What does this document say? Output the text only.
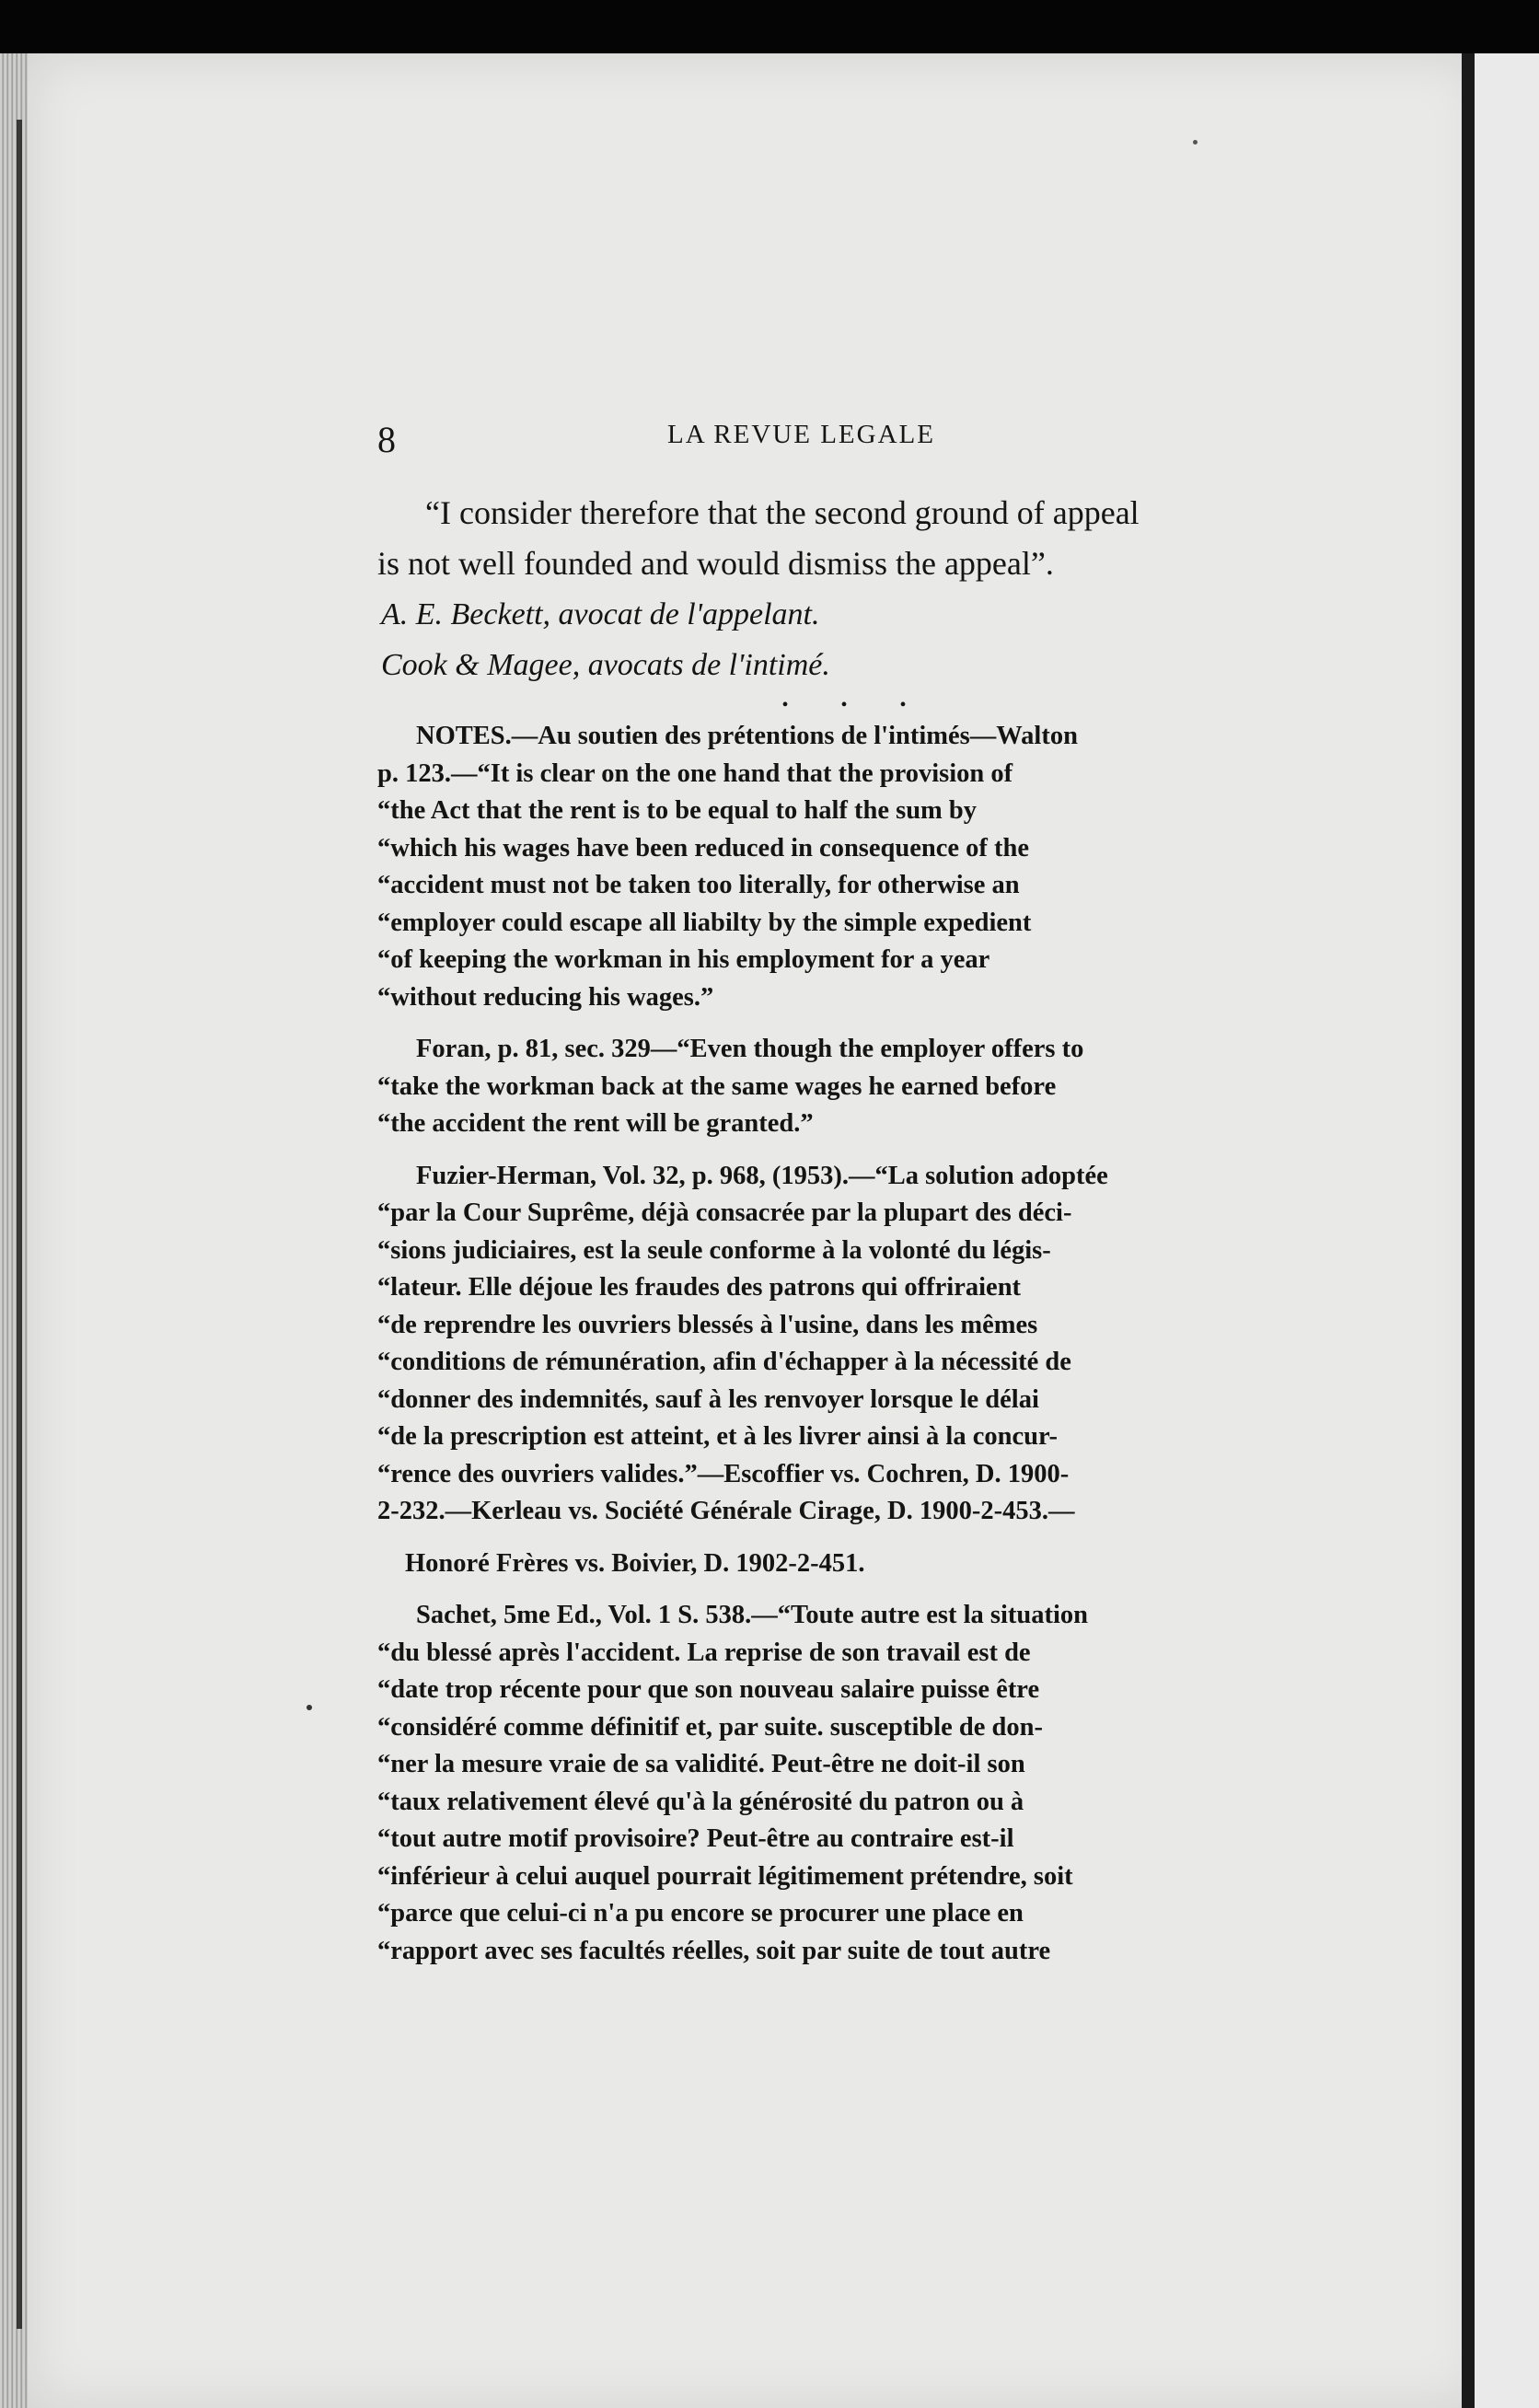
8	LA REVUE LEGALE

“I consider therefore that the second ground of appeal

is not well founded and would dismiss the appeal”.

A. E. Beckett, avocat de l'appelant.

Cook & Magee, avocats de l'intimé.

• • •

NOTES.—Au soutien des prétentions de l'intimés—Walton
p. 123.—“It is clear on the one hand that the provision of
“the Act that the rent is to be equal to half the sum by
“which his wages have been reduced in consequence of the
“accident must not be taken too literally, for otherwise an
“employer could escape all liabilty by the simple expedient
“of keeping the workman in his employment for a year
“without reducing his wages.”
Foran, p. 81, sec. 329—“Even though the employer offers to
“take the workman back at the same wages he earned before
“the accident the rent will be granted.”
Fuzier-Herman, Vol. 32, p. 968, (1953).—“La solution adoptée
“par la Cour Suprême, déjà consacrée par la plupart des déci-
“sions judiciaires, est la seule conforme à la volonté du légis-
“lateur. Elle déjoue les fraudes des patrons qui offriraient
“de reprendre les ouvriers blessés à l'usine, dans les mêmes
“conditions de rémunération, afin d'échapper à la nécessité de
“donner des indemnités, sauf à les renvoyer lorsque le délai
“de la prescription est atteint, et à les livrer ainsi à la concur-
“rence des ouvriers valides.”—Escoffier vs. Cochren, D. 1900-
2-232.—Kerleau vs. Société Générale Cirage, D. 1900-2-453.—
Honoré Frères vs. Boivier, D. 1902-2-451.
Sachet, 5me Ed., Vol. 1 S. 538.—“Toute autre est la situation
“du blessé après l'accident. La reprise de son travail est de
“date trop récente pour que son nouveau salaire puisse être
“considéré comme définitif et, par suite. susceptible de don-
“ner la mesure vraie de sa validité. Peut-être ne doit-il son
“taux relativement élevé qu'à la générosité du patron ou à
“tout autre motif provisoire? Peut-être au contraire est-il
“inférieur à celui auquel pourrait légitimement prétendre, soit
“parce que celui-ci n'a pu encore se procurer une place en
“rapport avec ses facultés réelles, soit par suite de tout autre
